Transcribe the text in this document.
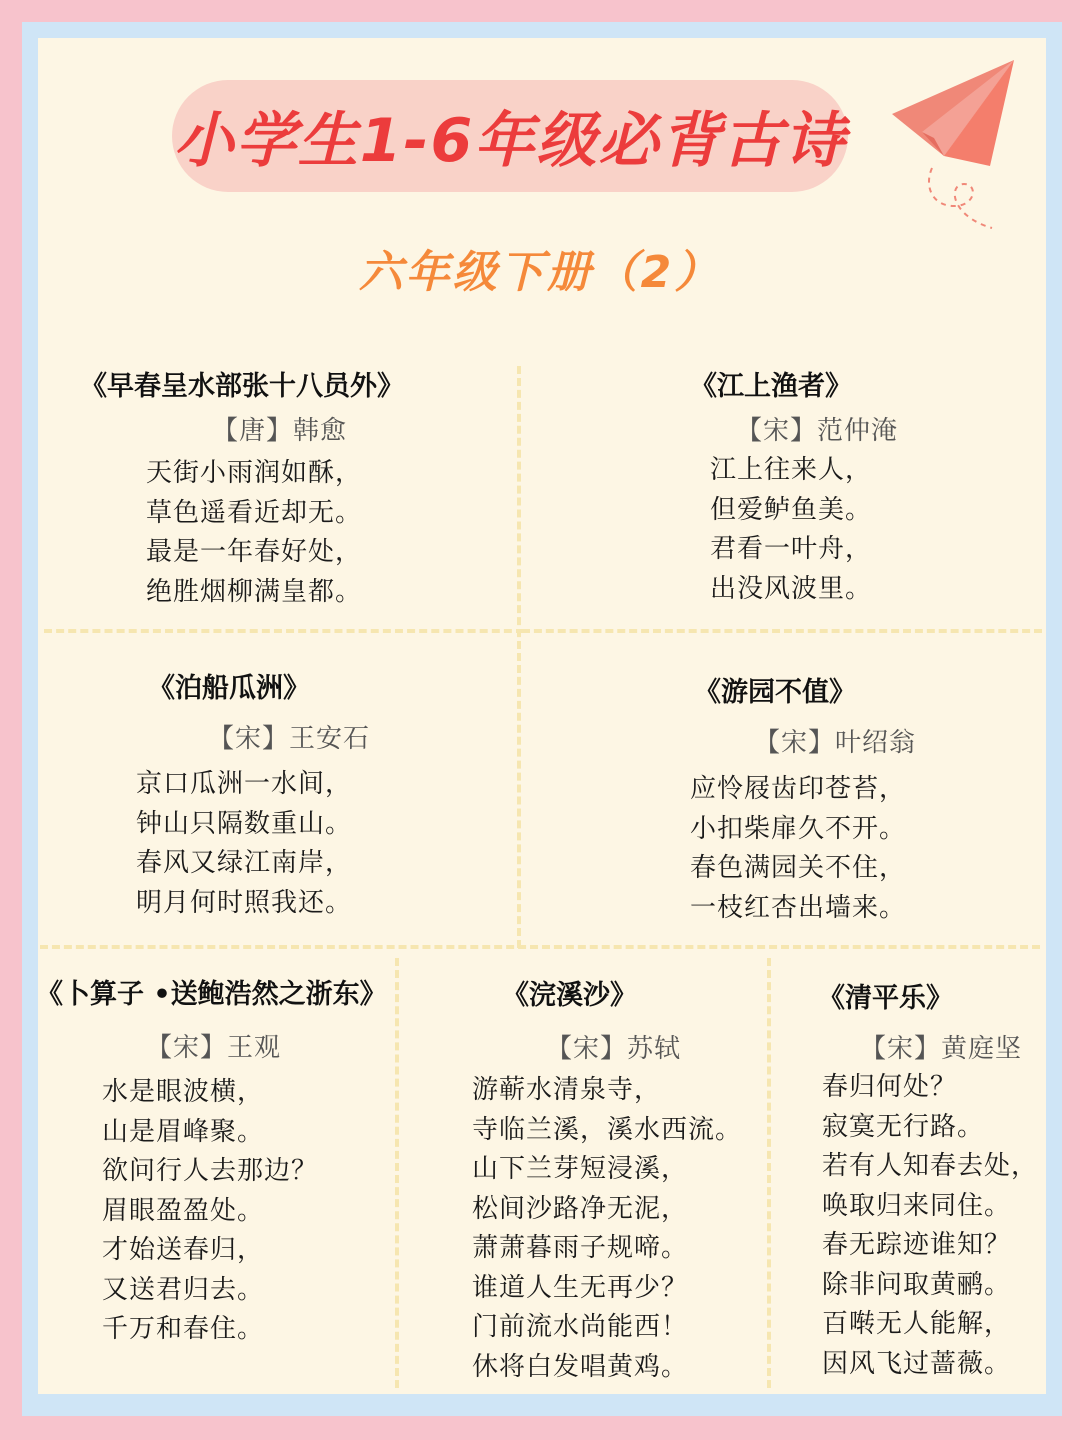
小学生1-6年级必背古诗
六年级下册（2）
《早春呈水部张十八员外》
【唐】韩愈
天街小雨润如酥，
草色遥看近却无。
最是一年春好处，
绝胜烟柳满皇都。
《江上渔者》
【宋】范仲淹
江上往来人，
但爱鲈鱼美。
君看一叶舟，
出没风波里。
《泊船瓜洲》
【宋】王安石
京口瓜洲一水间，
钟山只隔数重山。
春风又绿江南岸，
明月何时照我还。
《游园不值》
【宋】叶绍翁
应怜屐齿印苍苔，
小扣柴扉久不开。
春色满园关不住，
一枝红杏出墙来。
《卜算子 •送鲍浩然之浙东》
【宋】王观
水是眼波横，
山是眉峰聚。
欲问行人去那边？
眉眼盈盈处。
才始送春归，
又送君归去。
千万和春住。
《浣溪沙》
【宋】苏轼
游蕲水清泉寺，
寺临兰溪，溪水西流。
山下兰芽短浸溪，
松间沙路净无泥，
萧萧暮雨子规啼。
谁道人生无再少？
门前流水尚能西！
休将白发唱黄鸡。
《清平乐》
【宋】黄庭坚
春归何处？
寂寞无行路。
若有人知春去处，
唤取归来同住。
春无踪迹谁知？
除非问取黄鹂。
百啭无人能解，
因风飞过蔷薇。
